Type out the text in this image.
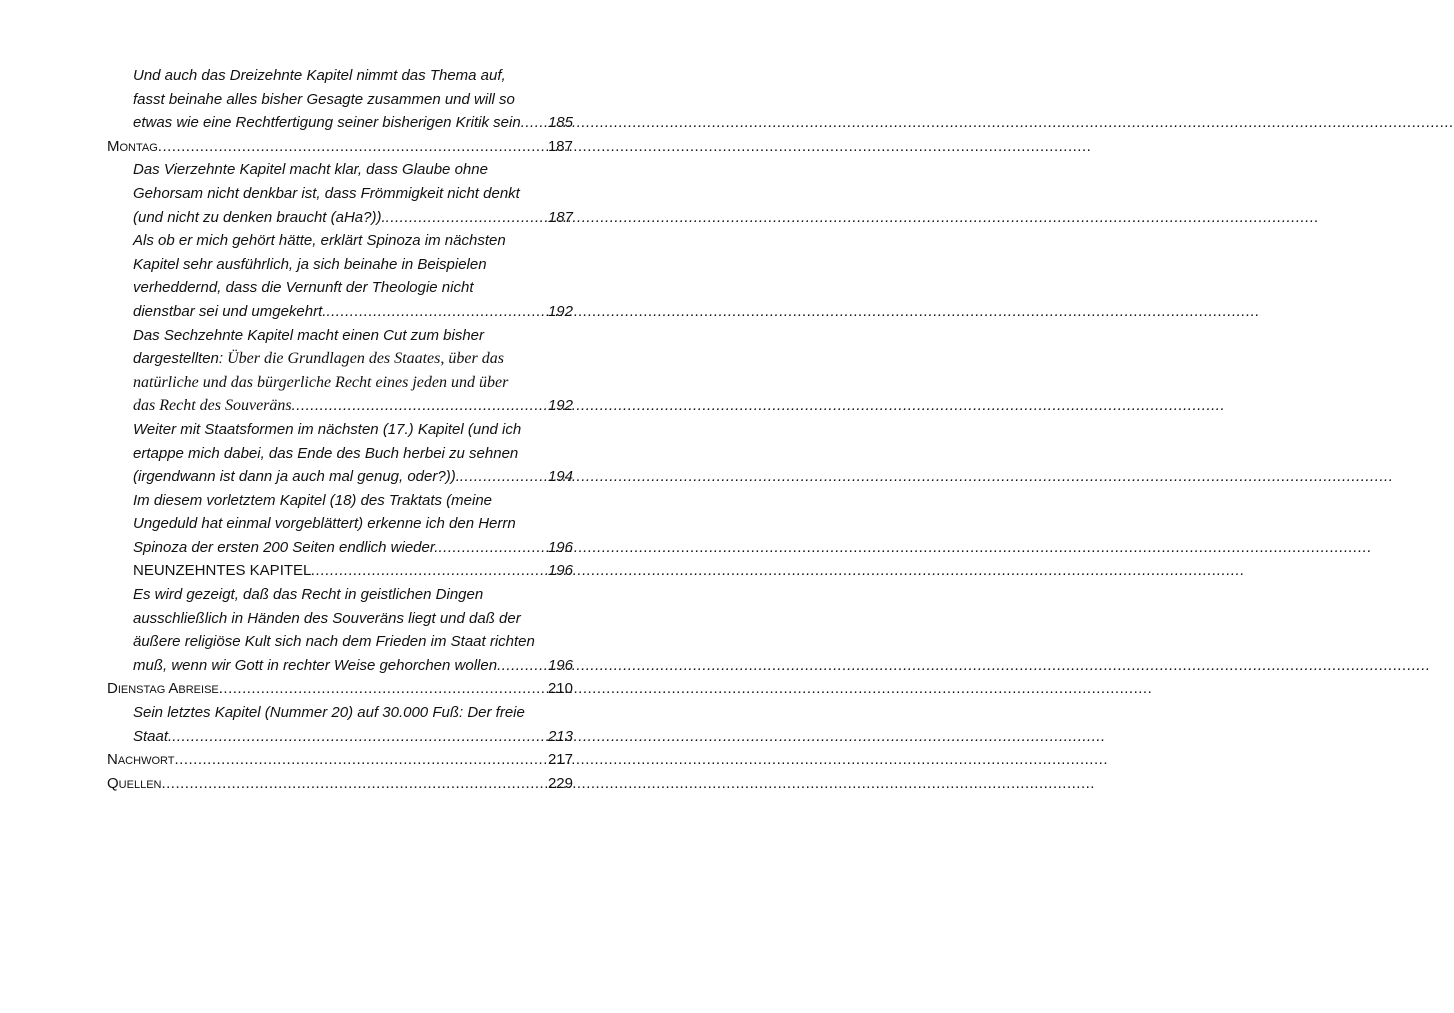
Und auch das Dreizehnte Kapitel nimmt das Thema auf,
fasst beinahe alles bisher Gesagte zusammen und will so
etwas wie eine Rechtfertigung seiner bisherigen Kritik sein ..... 185
MONTAG .....	187
Das Vierzehnte Kapitel macht klar, dass Glaube ohne
Gehorsam nicht denkbar ist, dass Frömmigkeit nicht denkt
(und nicht zu denken braucht (aHa?)). .....	187
Als ob er mich gehört hätte, erklärt Spinoza im nächsten
Kapitel sehr ausführlich, ja sich beinahe in Beispielen
verheddernd, dass die Vernunft der Theologie nicht
dienstbar sei und umgekehrt. .....	192
Das Sechzehnte Kapitel macht einen Cut zum bisher
dargestellten: Über die Grundlagen des Staates, über das
natürliche und das bürgerliche Recht eines jeden und über
das Recht des Souveräns .....	192
Weiter mit Staatsformen im nächsten (17.) Kapitel (und ich
ertappe mich dabei, das Ende des Buch herbei zu sehnen
(irgendwann ist dann ja auch mal genug, oder?)). .....	194
Im diesem vorletztem Kapitel (18) des Traktats (meine
Ungeduld hat einmal vorgeblättert) erkenne ich den Herrn
Spinoza der ersten 200 Seiten endlich wieder. .....	196
NEUNZEHNTES KAPITEL .....	196
Es wird gezeigt, daß das Recht in geistlichen Dingen
ausschließlich in Händen des Souveräns liegt und daß der
äußere religiöse Kult sich nach dem Frieden im Staat richten
muß, wenn wir Gott in rechter Weise gehorchen wollen .....	196
DIENSTAG ABREISE .....	210
Sein letztes Kapitel (Nummer 20) auf 30.000 Fuß: Der freie
Staat. .....	213
NACHWORT .....	217
QUELLEN .....	229
